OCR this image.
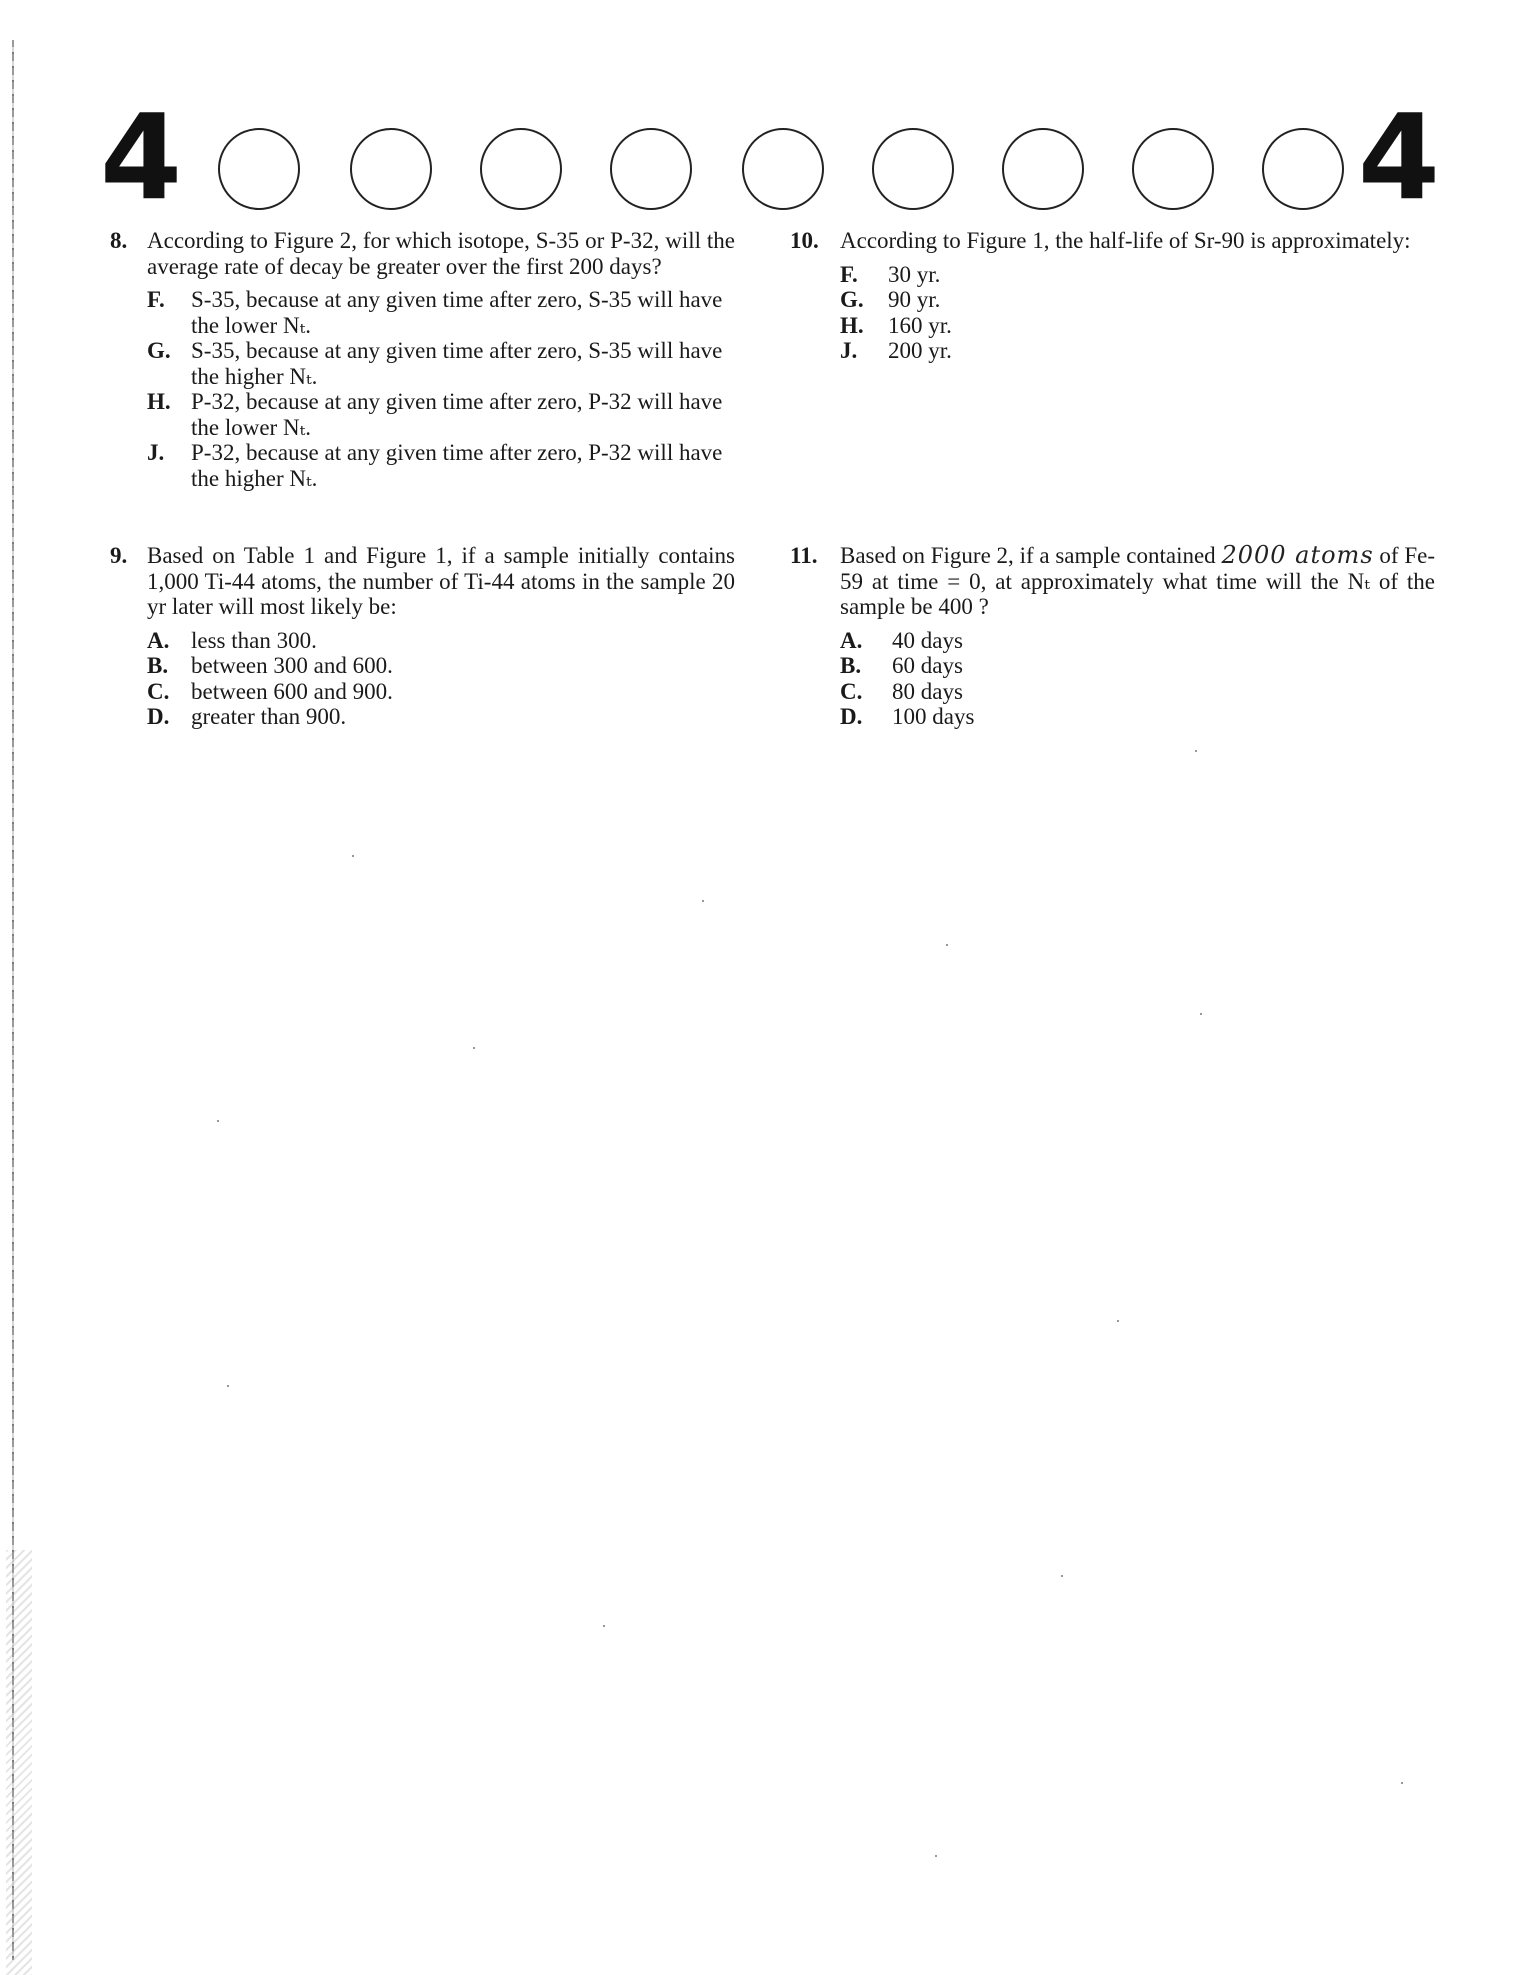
4	4
8. According to Figure 2, for which isotope, S-35 or P-32, will the average rate of decay be greater over the first 200 days?
F. S-35, because at any given time after zero, S-35 will have the lower Nₜ.
G. S-35, because at any given time after zero, S-35 will have the higher Nₜ.
H. P-32, because at any given time after zero, P-32 will have the lower Nₜ.
J. P-32, because at any given time after zero, P-32 will have the higher Nₜ.
9. Based on Table 1 and Figure 1, if a sample initially contains 1,000 Ti-44 atoms, the number of Ti-44 atoms in the sample 20 yr later will most likely be:
A. less than 300.
B. between 300 and 600.
C. between 600 and 900.
D. greater than 900.
10. According to Figure 1, the half-life of Sr-90 is approximately:
F. 30 yr.
G. 90 yr.
H. 160 yr.
J. 200 yr.
11. Based on Figure 2, if a sample contained 2000 atoms of Fe-59 at time = 0, at approximately what time will the Nₜ of the sample be 400 ?
A. 40 days
B. 60 days
C. 80 days
D. 100 days
